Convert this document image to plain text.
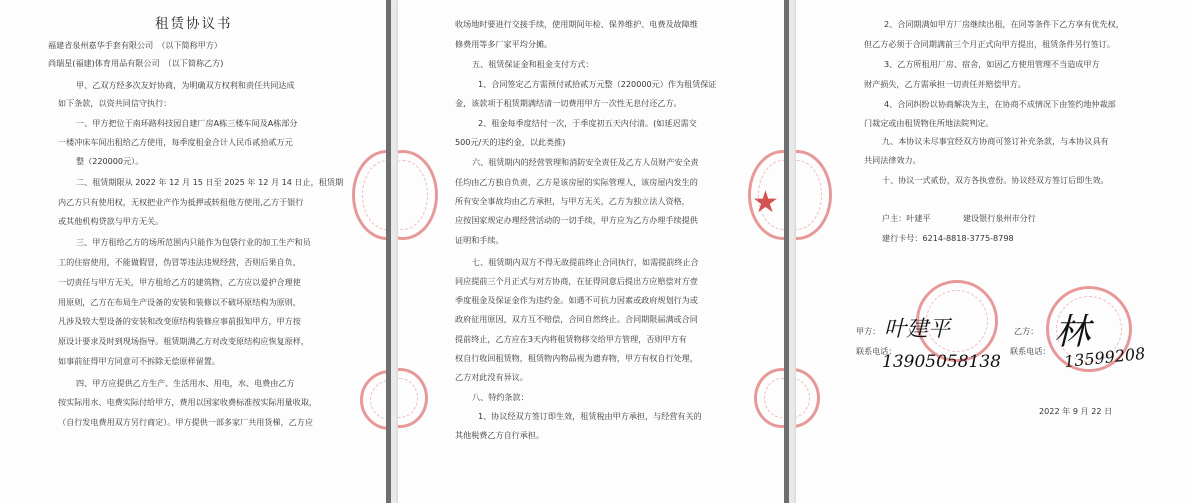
租赁协议书
福建省泉州嘉华手套有限公司　（以下简称甲方）
尚瑞星(福建)体育用品有限公司　（以下简称乙方)
甲、乙双方经多次友好协商，为明确双方权利和责任共同达成
如下条款，以资共同信守执行：
一、甲方把位于南环路科技园自建厂房A栋三楼车间及A栋部分
一楼冲床车间出租给乙方使用，每季度租金合计人民币贰拾贰万元
整（220000元）。
二、租赁期限从 2022 年 12 月 15 日至 2025 年 12 月 14 日止，租赁期
内乙方只有使用权，无权把业产作为抵押或转租他方使用,乙方于银行
或其他机构贷款与甲方无关。
三、甲方租给乙方的场所范围内只能作为包袋行业的加工生产和员
工的住宿使用，不能做假冒，伪冒等违法违规经营，否则后果自负，
一切责任与甲方无关，甲方租给乙方的建筑物，乙方应以爱护合理使
用原则，乙方在布局生产设备的安装和装修以不破坏原结构为原则，
凡涉及较大型设备的安装和改变原结构装修应事前报知甲方，甲方按
原设计要求及时到现场指导。租赁期满乙方对改变原结构应恢复原样，
如事前征得甲方同意可不拆除无偿原样留置。
四、甲方应提供乙方生产、生活用水、用电，水、电费由乙方
按实际用水、电费实际付给甲方，费用以国家收费标准按实际用量收取，
（自行发电费用双方另行商定）。甲方提供一部多家厂共用货梯，乙方应
收场地时要进行交接手续，使用期间年检、保养维护、电费及故障维
修费用等多厂家平均分摊。
五、租赁保证金和租金支付方式：
1、合同签定乙方需预付贰拾贰万元整（220000元）作为租赁保证
金，该款项于租赁期满结清一切费用甲方一次性无息付还乙方。
2、租金每季度结付一次，于季度初五天内付清。(如延迟需交
500元/天的违约金，以此类推)
六、租赁期内的经营管理和消防安全责任及乙方人员财产安全责
任均由乙方独自负责，乙方是该房屋的实际管理人，该房屋内发生的
所有安全事故均由乙方承担，与甲方无关，乙方为独立法人资格，
应按国家规定办理经营活动的一切手续，甲方应为乙方办理手续提供
证明和手续。
七、租赁期内双方不得无故提前终止合同执行，如需提前终止合
同应提前三个月正式与对方协商，在征得同意后提出方应赔偿对方壹
季度租金及保证金作为违约金。如遇不可抗力因素或政府规划行为或
政府征用原因，双方互不赔偿，合同自然终止。合同期限届满或合同
提前终止，乙方应在3天内将租赁物移交给甲方管理，否则甲方有
权自行收回租赁物，租赁物内物品视为遗弃物，甲方有权自行处理，
乙方对此没有异议。
八、特约条款：
1、协议经双方签订即生效，租赁税由甲方承担，与经营有关的
其他税费乙方自行承担。
★
2、合同期满如甲方厂房继续出租，在同等条件下乙方享有优先权，
但乙方必须于合同期满前三个月正式向甲方提出，租赁条件另行签订。
3、乙方所租用厂房、宿舍，如因乙方使用管理不当造成甲方
财产损失，乙方需承担一切责任并赔偿甲方。
4、合同纠纷以协商解决为主，在协商不成情况下由签约地仲裁部
门裁定或由租赁物住所地法院判定。
九、本协议未尽事宜经双方协商可签订补充条款，与本协议具有
共同法律效力。
十、协议一式贰份，双方各执壹份。协议经双方签订后即生效。
户主：叶建平　　　　建设银行泉州市分行
建行卡号：6214-8818-3775-8798
甲方：	乙方：
联系电话：	联系电话：
2022 年 9 月 22 日
叶建平
13905058138
林
13599208
